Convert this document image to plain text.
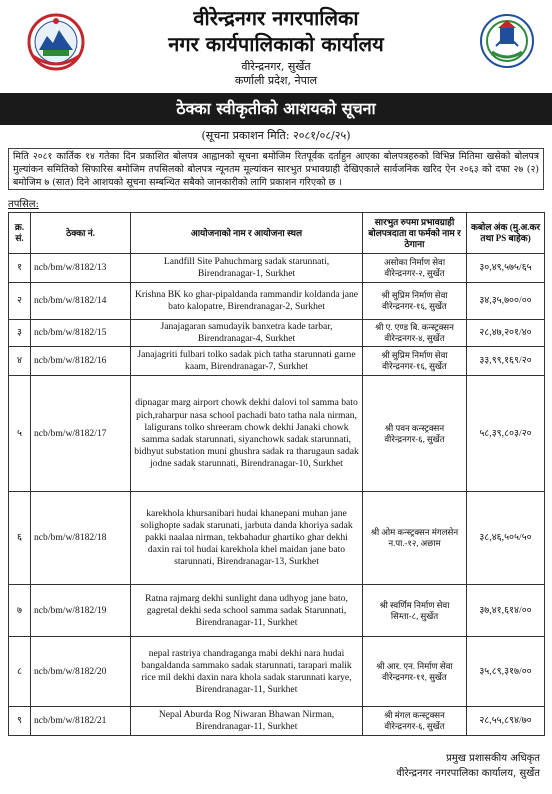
वीरेन्द्रनगर नगरपालिका
नगर कार्यपालिकाको कार्यालय
वीरेन्द्रनगर, सुर्खेत
कर्णाली प्रदेश, नेपाल
ठेक्का स्वीकृतीको आशयको सूचना
(सूचना प्रकाशन मिति: २०८१/०८/२५)
मिति २०८१ कार्तिक १४ गतेका दिन प्रकाशित बोलपत्र आह्वानको सूचना बमोजिम रितपूर्वक दर्ताहुन आएका बोलपत्रहरुको विभिन्न मितिमा खसेको बोलपत्र मुल्यांकन समितिको सिफारिस बमोजिम तपसिलको बोलपत्र न्यूनतम मूल्यांकन सारभुत प्रभावग्राही देखिएकाले सार्वजनिक खरिद ऐन २०६३ को दफा २७ (२) बमोजिम ७ (सात) दिने आशयको सूचना सम्बन्धित सबैको जानकारीको लागि प्रकाशन गरिएको छ ।
तपसिल:
क्र. सं.	ठेक्का नं.	आयोजनाको नाम र आयोजना स्थल	सारभुत रुपमा प्रभावग्राही बोलपत्रदाता वा फर्मको नाम र ठेगाना	कबोल अंक (मु.अ.कर तथा PS बाहेक)
१	ncb/bm/w/8182/13	Landfill Site Pahuchmarg sadak starunnati, Birendranagar-1, Surkhet	असोका निर्माण सेवा वीरेन्द्रनगर-२, सुर्खेत	३०,४९,५७५/६५
२	ncb/bm/w/8182/14	Krishna BK ko ghar-pipaldanda rammandir koldanda jane bato kalopatre, Birendranagar-2, Surkhet	श्री सुप्रिम निर्माण सेवा वीरेन्द्रनगर-१६, सुर्खेत	३४,३५,७००/००
३	ncb/bm/w/8182/15	Janajagaran samudayik banxetra kade tarbar, Birendranagar-4, Surkhet	श्री ए. एण्ड बि. कन्स्ट्रक्सन वीरेन्द्रनगर-४, सुर्खेत	२८,४७,२०१/४०
४	ncb/bm/w/8182/16	Janajagriti fulbari tolko sadak pich tatha starunnati garne kaam, Birendranagar-7, Surkhet	श्री सुप्रिम निर्माण सेवा वीरेन्द्रनगर-१६, सुर्खेत	३३,९९,१६९/२०
५	ncb/bm/w/8182/17	dipnagar marg airport chowk dekhi dalovi tol samma bato pich,raharpur nasa school pachadi bato tatha nala nirman, laligurans tolko shreeram chowk dekhi Janaki chowk samma sadak starunnati, siyanchowk sadak starunnati, bidhyut substation muni ghushra sadak ra tharugaun sadak jodne sadak starunnati, Birendranagar-10, Surkhet	श्री पवन कन्स्ट्रक्सन वीरेन्द्रनगर-६, सुर्खेत	५८,३९,८०३/२०
६	ncb/bm/w/8182/18	karekhola khursanibari hudai khanepani muhan jane solighopte sadak starunati, jarbuta danda khoriya sadak pakki naalaa nirman, tekbahadur ghartiko ghar dekhi daxin rai tol hudai karekhola khel maidan jane bato starunnati, Birendranagar-13, Surkhet	श्री ओम कन्स्ट्रक्सन मंगलसेन न.पा.-१२, अछाम	३८,४६,५०५/५०
७	ncb/bm/w/8182/19	Ratna rajmarg dekhi sunlight dana udhyog jane bato, gagretal dekhi seda school samma sadak Starunnati, Birendranagar-11, Surkhet	श्री स्वर्णिम निर्माण सेवा सिम्ता-८, सुर्खेत	३७,४१,६१४/००
८	ncb/bm/w/8182/20	nepal rastriya chandraganga mabi dekhi nara hudai bangaldanda sammako sadak starunnati, tarapari malik rice mil dekhi daxin nara khola sadak starunnati karye, Birendranagar-11, Surkhet	श्री आर. एन. निर्माण सेवा वीरेन्द्रनगर-११, सुर्खेत	३५,८९,३१७/००
९	ncb/bm/w/8182/21	Nepal Aburda Rog Niwaran Bhawan Nirman, Birendranagar-11, Surkhet	श्री मंगल कन्स्ट्रक्सन वीरेन्द्रनगर-६, सुर्खेत	२८,५५,८९४/७०
प्रमुख प्रशासकीय अधिकृत
वीरेन्द्रनगर नगरपालिका कार्यालय, सुर्खेत
